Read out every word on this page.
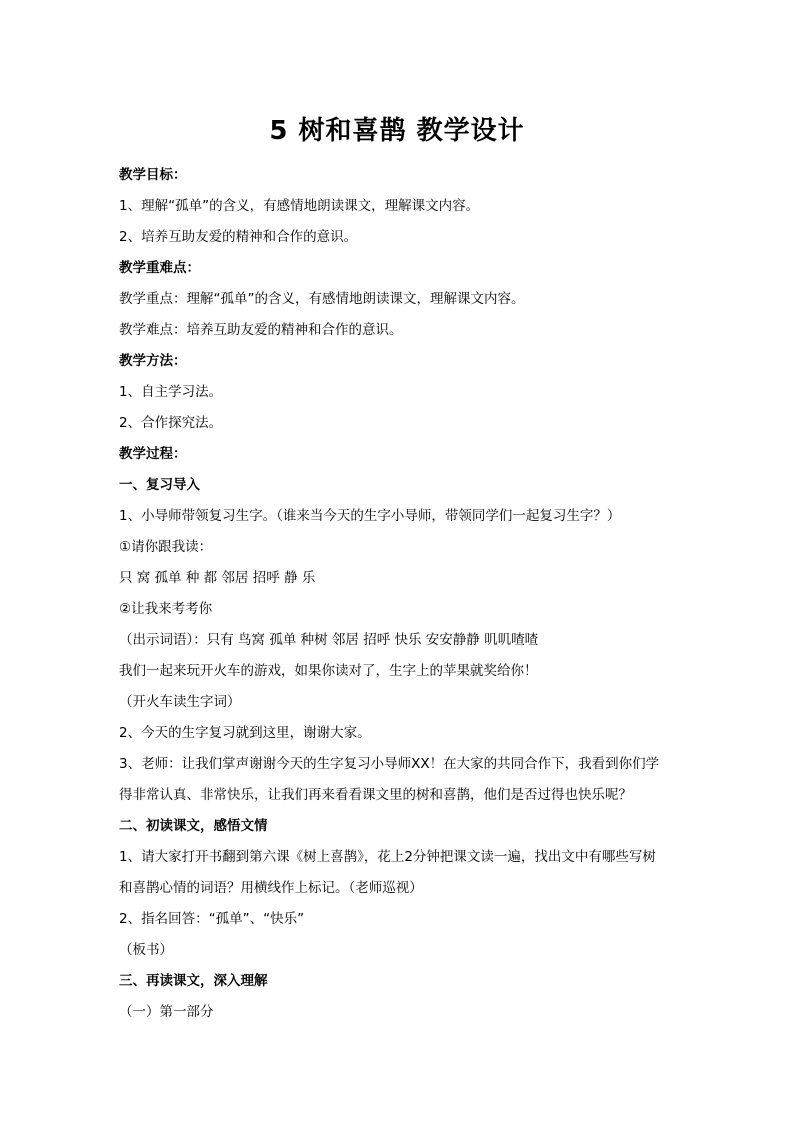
5 树和喜鹊 教学设计
教学目标：
1、理解“孤单”的含义，有感情地朗读课文，理解课文内容。
2、培养互助友爱的精神和合作的意识。
教学重难点：
教学重点：理解“孤单”的含义，有感情地朗读课文，理解课文内容。
教学难点：培养互助友爱的精神和合作的意识。
教学方法：
1、自主学习法。
2、合作探究法。
教学过程：
一、复习导入
1、小导师带领复习生字。（谁来当今天的生字小导师，带领同学们一起复习生字？）
①请你跟我读：
只 窝 孤单 种 都 邻居 招呼 静 乐
②让我来考考你
（出示词语）：只有 鸟窝 孤单 种树 邻居 招呼 快乐 安安静静 叽叽喳喳
我们一起来玩开火车的游戏，如果你读对了，生字上的苹果就奖给你！
（开火车读生字词）
2、今天的生字复习就到这里，谢谢大家。
3、老师：让我们掌声谢谢今天的生字复习小导师XX！在大家的共同合作下，我看到你们学
得非常认真、非常快乐，让我们再来看看课文里的树和喜鹊，他们是否过得也快乐呢？
二、初读课文，感悟文情
1、请大家打开书翻到第六课《树上喜鹊》，花上2分钟把课文读一遍，找出文中有哪些写树
和喜鹊心情的词语？用横线作上标记。（老师巡视）
2、指名回答：“孤单”、“快乐”
（板书）
三、再读课文，深入理解
（一）第一部分
